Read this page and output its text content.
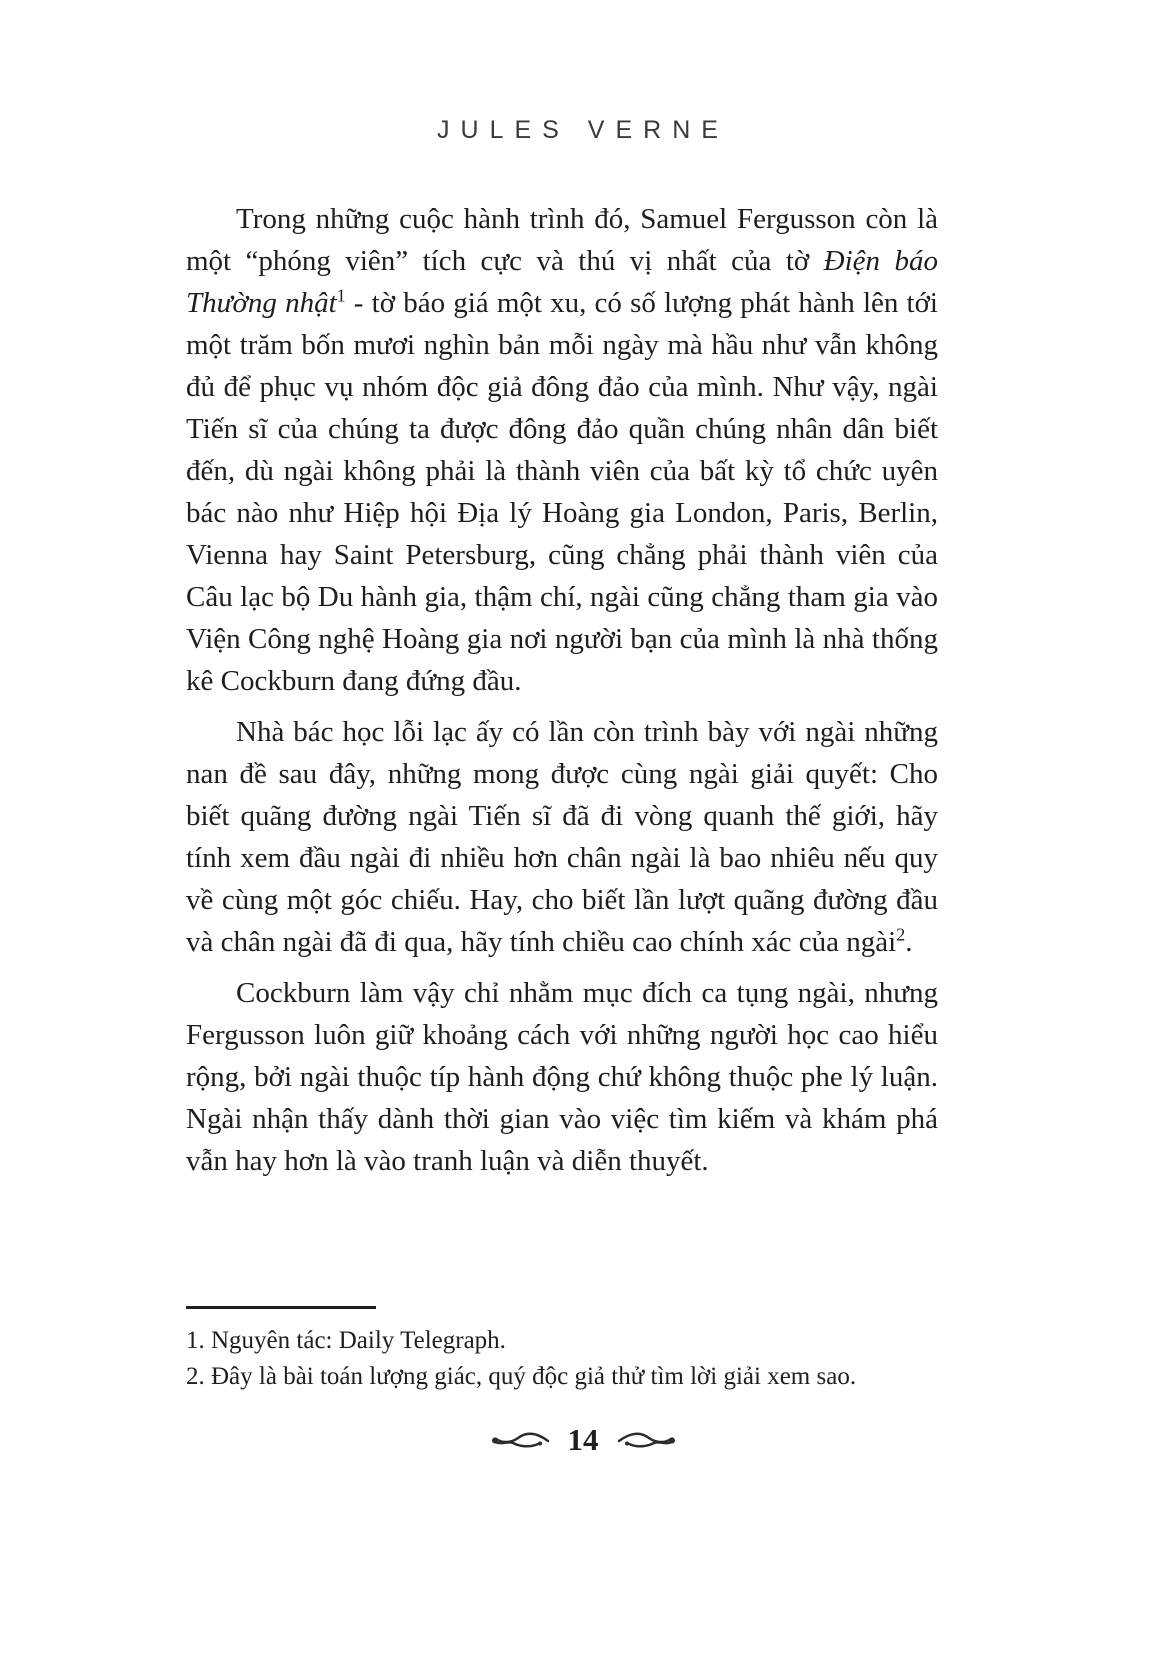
JULES VERNE

Trong những cuộc hành trình đó, Samuel Fergusson còn là một “phóng viên” tích cực và thú vị nhất của tờ Điện báo Thường nhật$^1$ - tờ báo giá một xu, có số lượng phát hành lên tới một trăm bốn mươi nghìn bản mỗi ngày mà hầu như vẫn không đủ để phục vụ nhóm độc giả đông đảo của mình. Như vậy, ngài Tiến sĩ của chúng ta được đông đảo quần chúng nhân dân biết đến, dù ngài không phải là thành viên của bất kỳ tổ chức uyên bác nào như Hiệp hội Địa lý Hoàng gia London, Paris, Berlin, Vienna hay Saint Petersburg, cũng chẳng phải thành viên của Câu lạc bộ Du hành gia, thậm chí, ngài cũng chẳng tham gia vào Viện Công nghệ Hoàng gia nơi người bạn của mình là nhà thống kê Cockburn đang đứng đầu.

Nhà bác học lỗi lạc ấy có lần còn trình bày với ngài những nan đề sau đây, những mong được cùng ngài giải quyết: Cho biết quãng đường ngài Tiến sĩ đã đi vòng quanh thế giới, hãy tính xem đầu ngài đi nhiều hơn chân ngài là bao nhiêu nếu quy về cùng một góc chiếu. Hay, cho biết lần lượt quãng đường đầu và chân ngài đã đi qua, hãy tính chiều cao chính xác của ngài$^2$.

Cockburn làm vậy chỉ nhằm mục đích ca tụng ngài, nhưng Fergusson luôn giữ khoảng cách với những người học cao hiểu rộng, bởi ngài thuộc típ hành động chứ không thuộc phe lý luận. Ngài nhận thấy dành thời gian vào việc tìm kiếm và khám phá vẫn hay hơn là vào tranh luận và diễn thuyết.

1. Nguyên tác: Daily Telegraph.
2. Đây là bài toán lượng giác, quý độc giả thử tìm lời giải xem sao.
14
